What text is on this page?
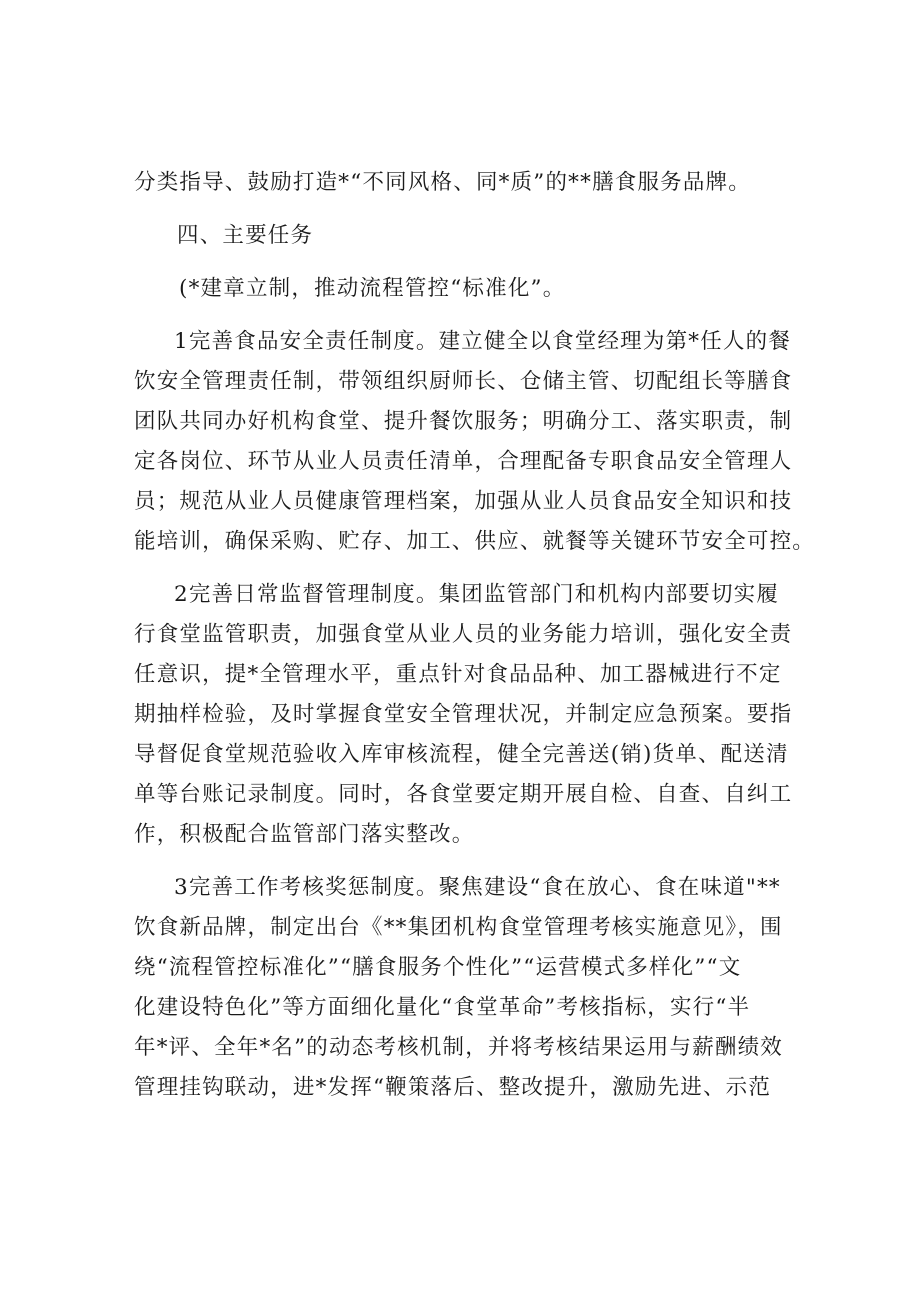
分类指导、鼓励打造*“不同风格、同*质”的**膳食服务品牌。
四、主要任务
(*建章立制，推动流程管控“标准化”。
1完善食品安全责任制度。建立健全以食堂经理为第*任人的餐
饮安全管理责任制，带领组织厨师长、仓储主管、切配组长等膳食
团队共同办好机构食堂、提升餐饮服务；明确分工、落实职责，制
定各岗位、环节从业人员责任清单，合理配备专职食品安全管理人
员；规范从业人员健康管理档案，加强从业人员食品安全知识和技
能培训，确保采购、贮存、加工、供应、就餐等关键环节安全可控。
2完善日常监督管理制度。集团监管部门和机构内部要切实履
行食堂监管职责，加强食堂从业人员的业务能力培训，强化安全责
任意识，提*全管理水平，重点针对食品品种、加工器械进行不定
期抽样检验，及时掌握食堂安全管理状况，并制定应急预案。要指
导督促食堂规范验收入库审核流程，健全完善送(销)货单、配送清
单等台账记录制度。同时，各食堂要定期开展自检、自查、自纠工
作，积极配合监管部门落实整改。
3完善工作考核奖惩制度。聚焦建设“食在放心、食在味道"**
饮食新品牌，制定出台《**集团机构食堂管理考核实施意见》，围
绕“流程管控标准化”“膳食服务个性化”“运营模式多样化”“文
化建设特色化”等方面细化量化“食堂革命”考核指标，实行“半
年*评、全年*名”的动态考核机制，并将考核结果运用与薪酬绩效
管理挂钩联动，进*发挥“鞭策落后、整改提升，激励先进、示范
